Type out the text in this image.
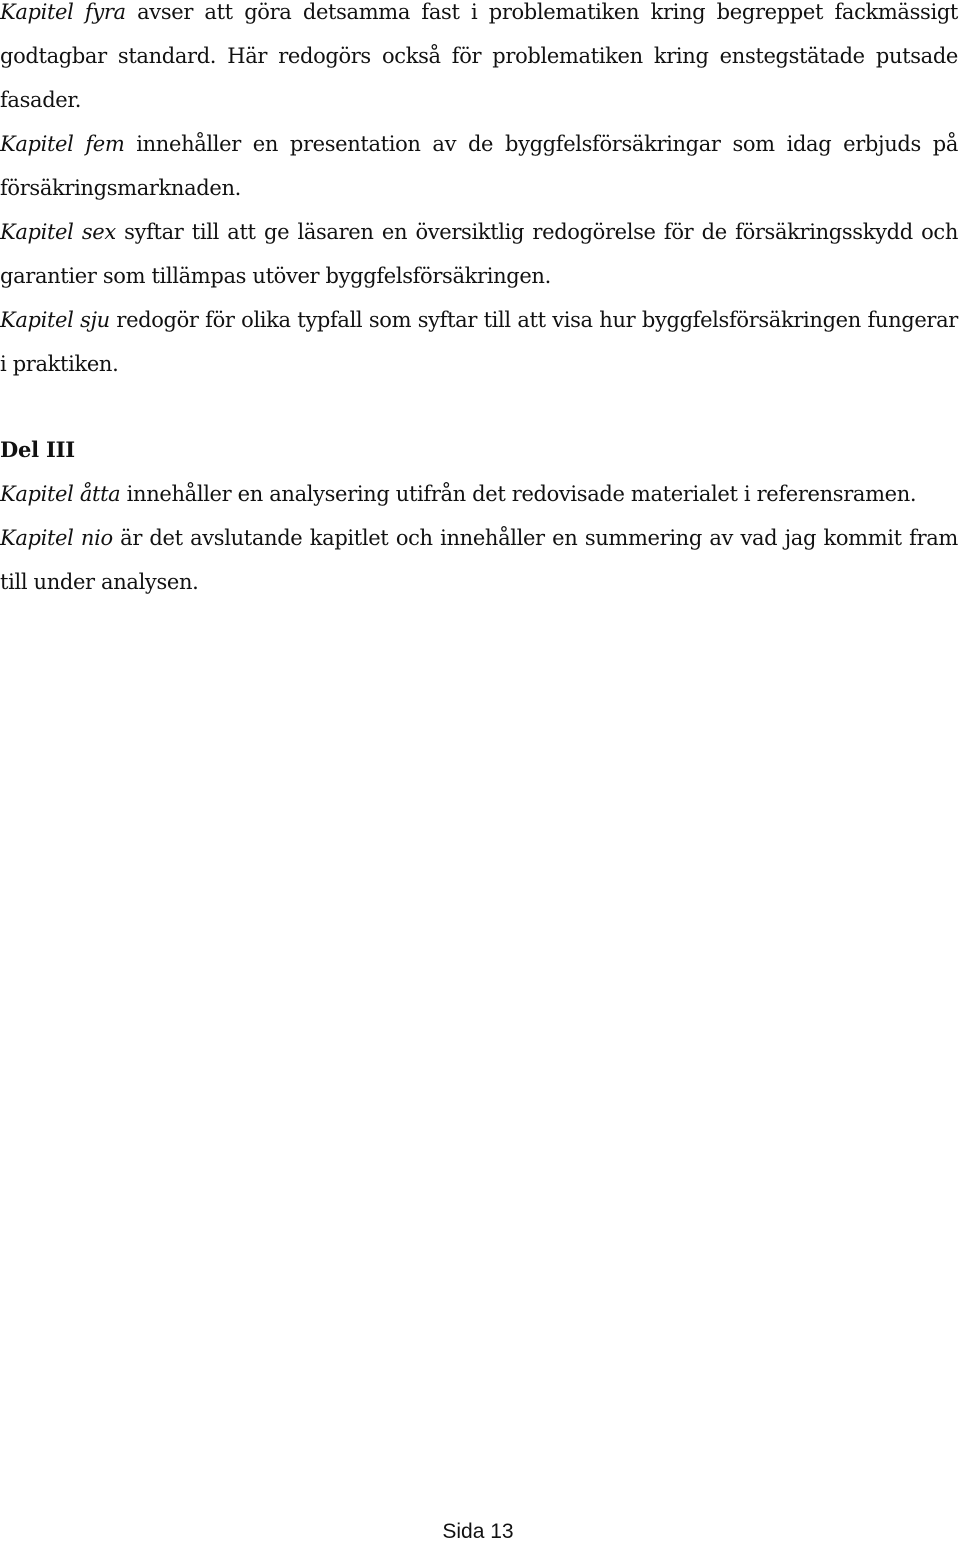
Kapitel fyra avser att göra detsamma fast i problematiken kring begreppet fackmässigt godtagbar standard. Här redogörs också för problematiken kring enstegstätade putsade fasader.

Kapitel fem innehåller en presentation av de byggfelsförsäkringar som idag erbjuds på försäkringsmarknaden.

Kapitel sex syftar till att ge läsaren en översiktlig redogörelse för de försäkringsskydd och garantier som tillämpas utöver byggfelsförsäkringen.

Kapitel sju redogör för olika typfall som syftar till att visa hur byggfelsförsäkringen fungerar i praktiken.

Del III

Kapitel åtta innehåller en analysering utifrån det redovisade materialet i referensramen.

Kapitel nio är det avslutande kapitlet och innehåller en summering av vad jag kommit fram till under analysen.

Sida 13
